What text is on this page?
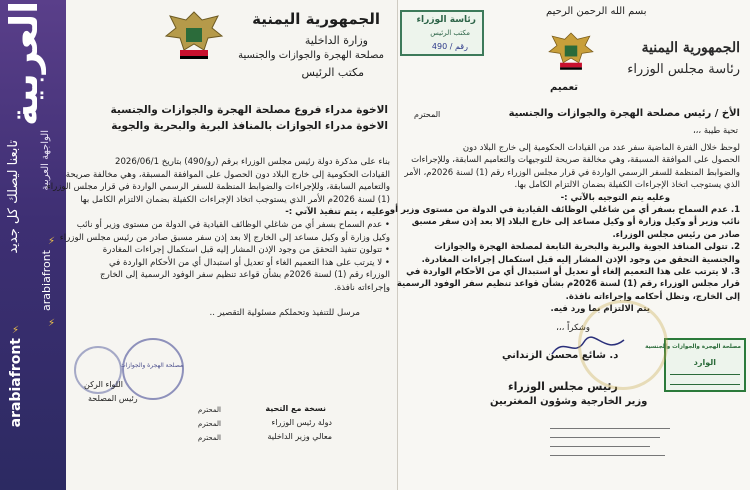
العربية
الواجهة العربية
تابعنا ليصلك كل جديد
arabiafront
arabiafront
⚡
⚡
⚡
الجمهورية اليمنية
وزارة الداخلية
مصلحة الهجرة والجوازات والجنسية
مكتب الرئيس
الاخوة مدراء فروع مصلحة الهجرة والجوازات والجنسية
الاخوة مدراء الجوازات بالمنافذ البرية والبحرية والجوية
بناء على مذكرة دولة رئيس مجلس الوزراء برقم (رو/490) بتاريخ 2026/06/1
القيادات الحكومية إلى خارج البلاد دون الحصول على الموافقة المسبقة، وهي مخالفة صريحة
والتعاميم السابقة، وللإجراءات والضوابط المنظمة للسفر الرسمي الواردة في قرار مجلس الوزراء
(1) لسنة 2026م الأمر الذي يستوجب اتخاذ الإجراءات الكفيلة بضمان الالتزام الكامل بها
وعليه ، يتم تنفيذ الآتي :-
• عدم السماح بسفر أي من شاغلي الوظائف القيادية في الدولة من مستوى وزير أو نائب
وكيل وزارة أو وكيل مساعد إلى الخارج إلا بعد إذن سفر مسبق صادر من رئيس مجلس الوزراء
• تتولون تنفيذ التحقق من وجود الإذن المشار إليه قبل استكمال إجراءات المغادرة
• لا يترتب على هذا التعميم الغاء أو تعديل أو استبدال أي من الأحكام الواردة في
الوزراء رقم (1) لسنة 2026م بشأن قواعد تنظيم سفر الوفود الرسمية إلى الخارج
وإجراءاته نافذة.
مرسل للتنفيذ وتحملكم مسئولية التقصير ..
مصلحة الهجرة والجوازات
اللواء الركن
رئيس المصلحة
نسخة مع التحية
دولة رئيس الوزراء
معالي وزير الداخلية
المحترم
المحترم
المحترم
الجمهورية اليمنية
رئاسة مجلس الوزراء
بسم الله الرحمن الرحيم
تعميم
رئاسة الوزراء
مكتب الرئيس
رقم / 490
الأخ / رئيس مصلحة الهجرة والجوازات والجنسية
المحترم
تحية طيبة ،،،
لوحظ خلال الفترة الماضية سفر عدد من القيادات الحكومية إلى خارج البلاد دون
الحصول على الموافقة المسبقة، وهي مخالفة صريحة للتوجيهات والتعاميم السابقة، وللإجراءات
والضوابط المنظمة للسفر الرسمي الواردة في قرار مجلس الوزراء رقم (1) لسنة 2026م، الأمر
الذي يستوجب اتخاذ الإجراءات الكفيلة بضمان الالتزام الكامل بها.
وعليه يتم التوجيه بالآتي :-
1. عدم السماح بسفر أي من شاغلي الوظائف القيادية في الدولة من مستوى وزير أو
نائب وزير أو وكيل وزارة أو وكيل مساعد إلى خارج البلاد إلا بعد إذن سفر مسبق
صادر من رئيس مجلس الوزراء.
2. تتولى المنافذ الجوية والبرية والبحرية التابعة لمصلحة الهجرة والجوازات
والجنسية التحقق من وجود الإذن المشار إليه قبل استكمال إجراءات المغادرة.
3. لا يترتب على هذا التعميم إلغاء أو تعديل أو استبدال أي من الأحكام الواردة في
قرار مجلس الوزراء رقم (1) لسنة 2026م بشأن قواعد تنظيم سفر الوفود الرسمية
إلى الخارج، وتظل أحكامه وإجراءاته نافذة.
يتم الالتزام بما ورد فيه.
وشكراً ،،،
مصلحة الهجرة والجوازات والجنسية
الوارد
د. شائع محسن الزنداني
رئيس مجلس الوزراء
وزير الخارجية وشؤون المغتربين
